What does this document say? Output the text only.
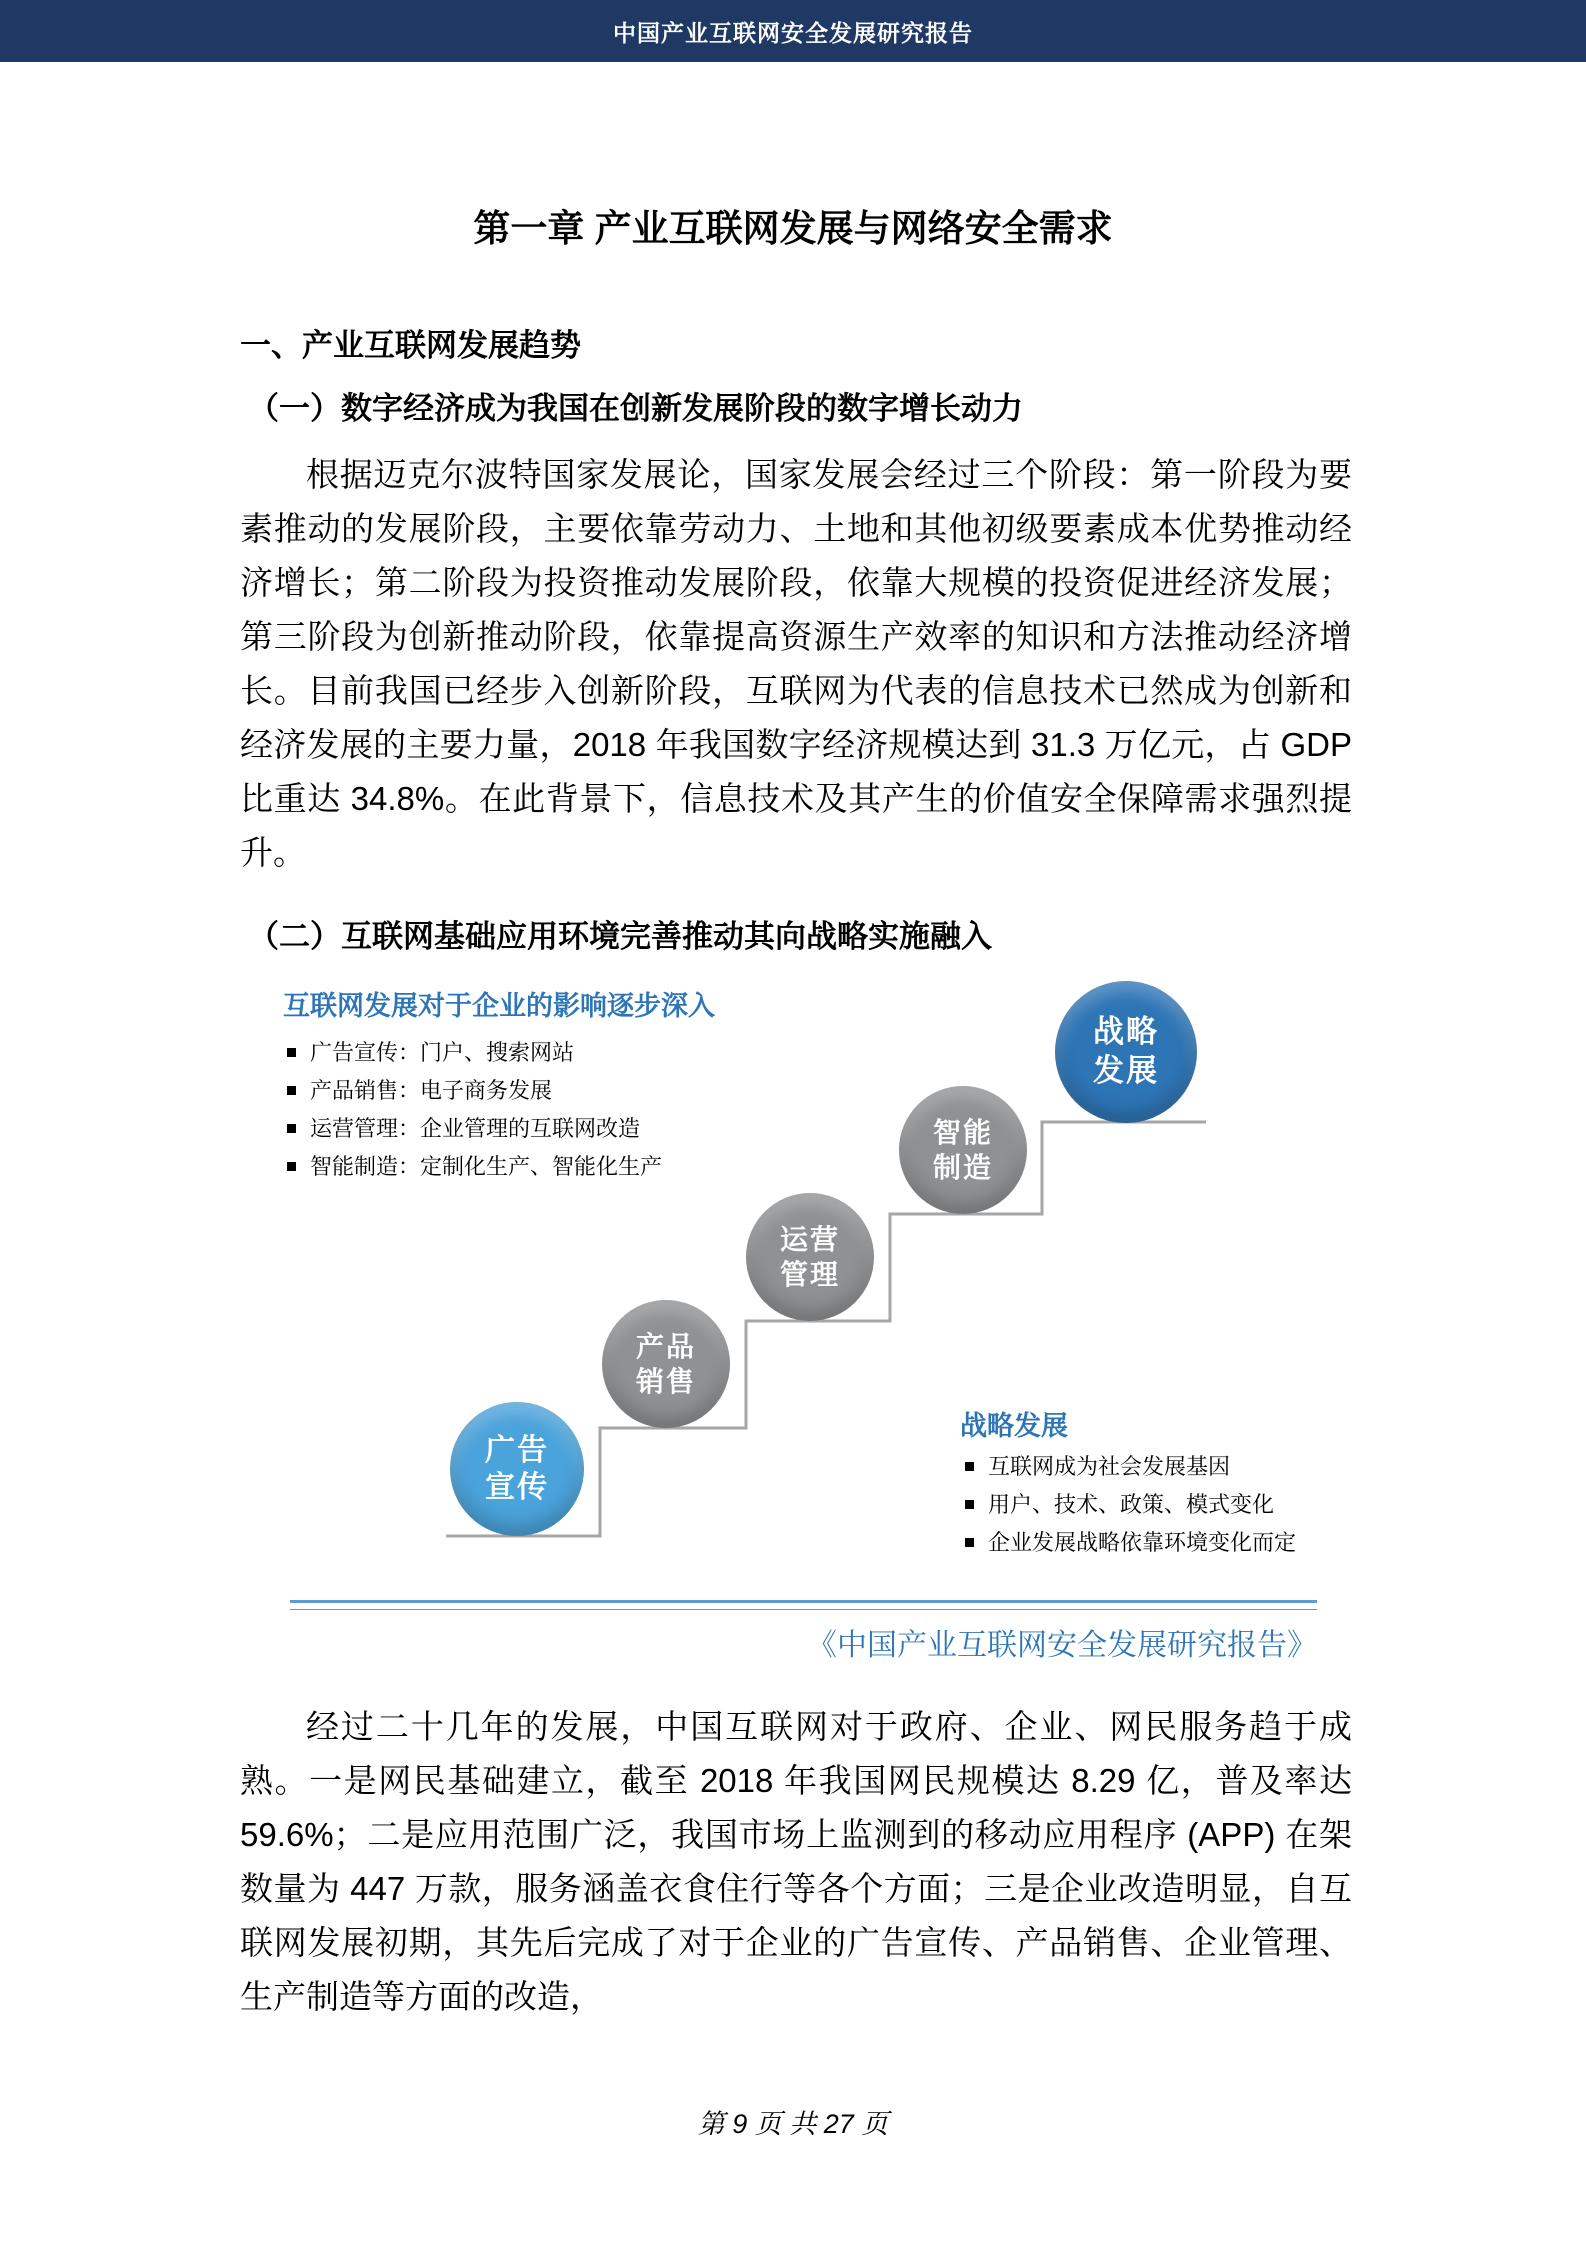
中国产业互联网安全发展研究报告
第一章 产业互联网发展与网络安全需求
一、产业互联网发展趋势
（一）数字经济成为我国在创新发展阶段的数字增长动力

根据迈克尔波特国家发展论，国家发展会经过三个阶段：第一阶段为要素推动的发展阶段，主要依靠劳动力、土地和其他初级要素成本优势推动经济增长；第二阶段为投资推动发展阶段，依靠大规模的投资促进经济发展；第三阶段为创新推动阶段，依靠提高资源生产效率的知识和方法推动经济增长。目前我国已经步入创新阶段，互联网为代表的信息技术已然成为创新和经济发展的主要力量，2018 年我国数字经济规模达到 31.3 万亿元，占 GDP 比重达 34.8%。在此背景下，信息技术及其产生的价值安全保障需求强烈提升。

（二）互联网基础应用环境完善推动其向战略实施融入
互联网发展对于企业的影响逐步深入
广告宣传：门户、搜索网站
产品销售：电子商务发展
运营管理：企业管理的互联网改造
智能制造：定制化生产、智能化生产
广告
宣传
产品
销售
运营
管理
智能
制造
战略
发展
战略发展
互联网成为社会发展基因
用户、技术、政策、模式变化
企业发展战略依靠环境变化而定
《中国产业互联网安全发展研究报告》

经过二十几年的发展，中国互联网对于政府、企业、网民服务趋于成熟。一是网民基础建立，截至 2018 年我国网民规模达 8.29 亿，普及率达 59.6%；二是应用范围广泛，我国市场上监测到的移动应用程序 (APP) 在架数量为 447 万款，服务涵盖衣食住行等各个方面；三是企业改造明显，自互联网发展初期，其先后完成了对于企业的广告宣传、产品销售、企业管理、生产制造等方面的改造，

第 9 页 共 27 页
